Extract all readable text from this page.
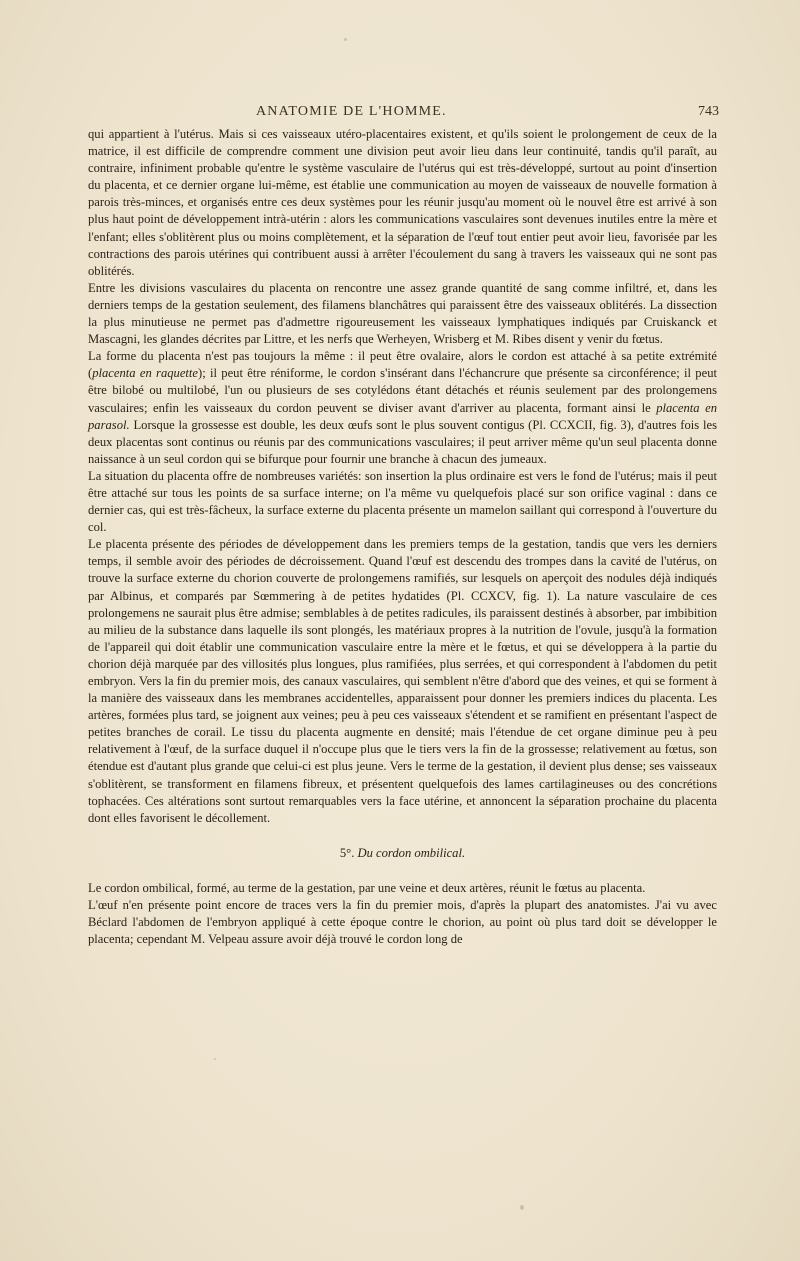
ANATOMIE DE L'HOMME.	743

qui appartient à l'utérus. Mais si ces vaisseaux utéro-placentaires existent, et qu'ils soient le prolongement de ceux de la matrice, il est difficile de comprendre comment une division peut avoir lieu dans leur continuité, tandis qu'il paraît, au contraire, infiniment probable qu'entre le système vasculaire de l'utérus qui est très-développé, surtout au point d'insertion du placenta, et ce dernier organe lui-même, est établie une communication au moyen de vaisseaux de nouvelle formation à parois très-minces, et organisés entre ces deux systèmes pour les réunir jusqu'au moment où le nouvel être est arrivé à son plus haut point de développement intrà-utérin : alors les communications vasculaires sont devenues inutiles entre la mère et l'enfant; elles s'oblitèrent plus ou moins complètement, et la séparation de l'œuf tout entier peut avoir lieu, favorisée par les contractions des parois utérines qui contribuent aussi à arrêter l'écoulement du sang à travers les vaisseaux qui ne sont pas oblitérés.

Entre les divisions vasculaires du placenta on rencontre une assez grande quantité de sang comme infiltré, et, dans les derniers temps de la gestation seulement, des filamens blanchâtres qui paraissent être des vaisseaux oblitérés. La dissection la plus minutieuse ne permet pas d'admettre rigoureusement les vaisseaux lymphatiques indiqués par Cruiskanck et Mascagni, les glandes décrites par Littre, et les nerfs que Werheyen, Wrisberg et M. Ribes disent y venir du fœtus.

La forme du placenta n'est pas toujours la même : il peut être ovalaire, alors le cordon est attaché à sa petite extrémité (placenta en raquette); il peut être réniforme, le cordon s'insérant dans l'échancrure que présente sa circonférence; il peut être bilobé ou multilobé, l'un ou plusieurs de ses cotylédons étant détachés et réunis seulement par des prolongemens vasculaires; enfin les vaisseaux du cordon peuvent se diviser avant d'arriver au placenta, formant ainsi le placenta en parasol. Lorsque la grossesse est double, les deux œufs sont le plus souvent contigus (Pl. CCXCII, fig. 3), d'autres fois les deux placentas sont continus ou réunis par des communications vasculaires; il peut arriver même qu'un seul placenta donne naissance à un seul cordon qui se bifurque pour fournir une branche à chacun des jumeaux.

La situation du placenta offre de nombreuses variétés: son insertion la plus ordinaire est vers le fond de l'utérus; mais il peut être attaché sur tous les points de sa surface interne; on l'a même vu quelquefois placé sur son orifice vaginal : dans ce dernier cas, qui est très-fâcheux, la surface externe du placenta présente un mamelon saillant qui correspond à l'ouverture du col.

Le placenta présente des périodes de développement dans les premiers temps de la gestation, tandis que vers les derniers temps, il semble avoir des périodes de décroissement. Quand l'œuf est descendu des trompes dans la cavité de l'utérus, on trouve la surface externe du chorion couverte de prolongemens ramifiés, sur lesquels on aperçoit des nodules déjà indiqués par Albinus, et comparés par Sœmmering à de petites hydatides (Pl. CCXCV, fig. 1). La nature vasculaire de ces prolongemens ne saurait plus être admise; semblables à de petites radicules, ils paraissent destinés à absorber, par imbibition au milieu de la substance dans laquelle ils sont plongés, les matériaux propres à la nutrition de l'ovule, jusqu'à la formation de l'appareil qui doit établir une communication vasculaire entre la mère et le fœtus, et qui se développera à la partie du chorion déjà marquée par des villosités plus longues, plus ramifiées, plus serrées, et qui correspondent à l'abdomen du petit embryon. Vers la fin du premier mois, des canaux vasculaires, qui semblent n'être d'abord que des veines, et qui se forment à la manière des vaisseaux dans les membranes accidentelles, apparaissent pour donner les premiers indices du placenta. Les artères, formées plus tard, se joignent aux veines; peu à peu ces vaisseaux s'étendent et se ramifient en présentant l'aspect de petites branches de corail. Le tissu du placenta augmente en densité; mais l'étendue de cet organe diminue peu à peu relativement à l'œuf, de la surface duquel il n'occupe plus que le tiers vers la fin de la grossesse; relativement au fœtus, son étendue est d'autant plus grande que celui-ci est plus jeune. Vers le terme de la gestation, il devient plus dense; ses vaisseaux s'oblitèrent, se transforment en filamens fibreux, et présentent quelquefois des lames cartilagineuses ou des concrétions tophacées. Ces altérations sont surtout remarquables vers la face utérine, et annoncent la séparation prochaine du placenta dont elles favorisent le décollement.

5°. Du cordon ombilical.

Le cordon ombilical, formé, au terme de la gestation, par une veine et deux artères, réunit le fœtus au placenta.

L'œuf n'en présente point encore de traces vers la fin du premier mois, d'après la plupart des anatomistes. J'ai vu avec Béclard l'abdomen de l'embryon appliqué à cette époque contre le chorion, au point où plus tard doit se développer le placenta; cependant M. Velpeau assure avoir déjà trouvé le cordon long de
